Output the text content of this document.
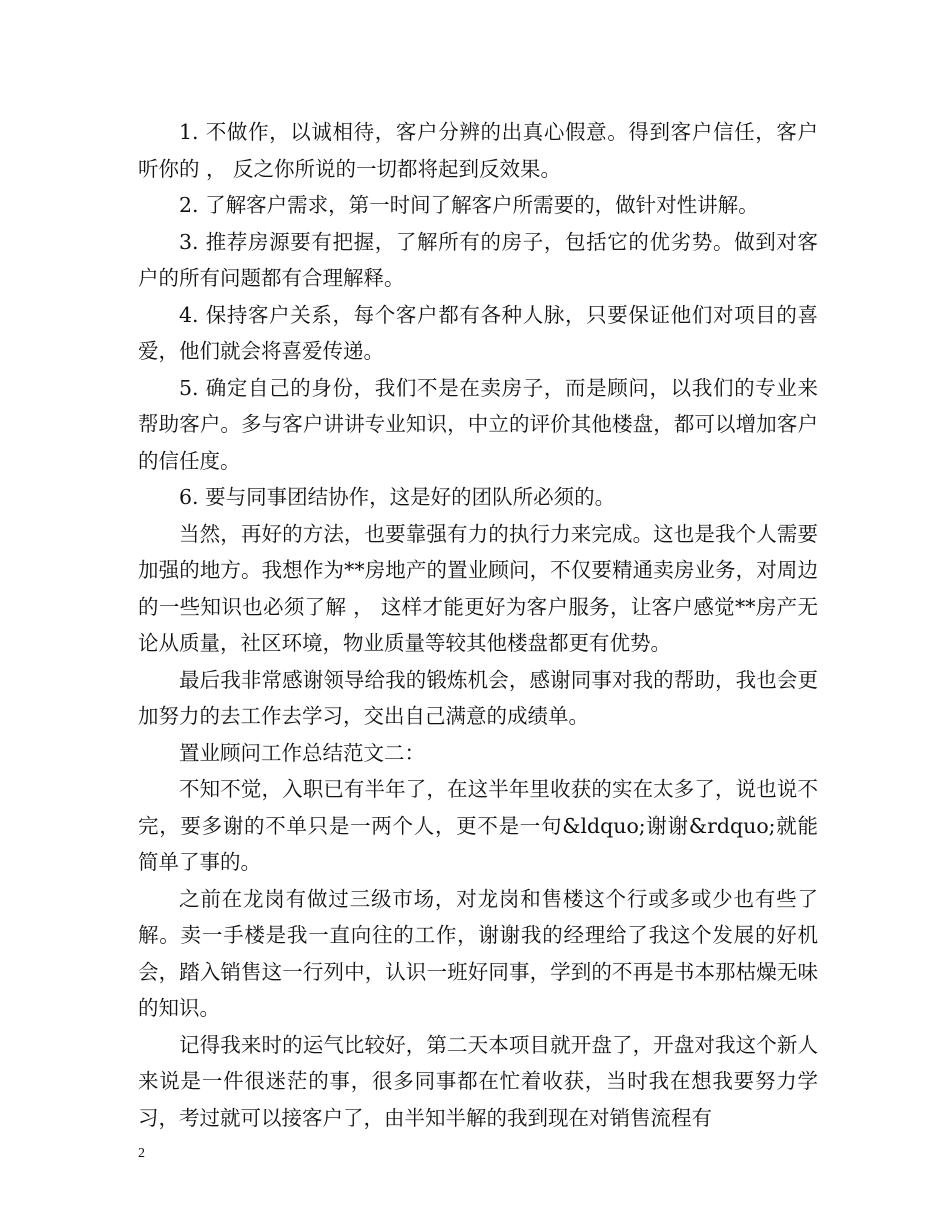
1. 不做作，以诚相待，客户分辨的出真心假意。得到客户信任，客户听你的 ， 反之你所说的一切都将起到反效果。

2. 了解客户需求，第一时间了解客户所需要的，做针对性讲解。

3. 推荐房源要有把握，了解所有的房子，包括它的优劣势。做到对客户的所有问题都有合理解释。

4. 保持客户关系，每个客户都有各种人脉，只要保证他们对项目的喜爱，他们就会将喜爱传递。

5. 确定自己的身份，我们不是在卖房子，而是顾问，以我们的专业来帮助客户。多与客户讲讲专业知识，中立的评价其他楼盘，都可以增加客户的信任度。

6. 要与同事团结协作，这是好的团队所必须的。

当然，再好的方法，也要靠强有力的执行力来完成。这也是我个人需要加强的地方。我想作为**房地产的置业顾问，不仅要精通卖房业务，对周边的一些知识也必须了解 ， 这样才能更好为客户服务，让客户感觉**房产无论从质量，社区环境，物业质量等较其他楼盘都更有优势。

最后我非常感谢领导给我的锻炼机会，感谢同事对我的帮助，我也会更加努力的去工作去学习，交出自己满意的成绩单。

置业顾问工作总结范文二：

不知不觉，入职已有半年了，在这半年里收获的实在太多了，说也说不完，要多谢的不单只是一两个人，更不是一句&ldquo;谢谢&rdquo;就能简单了事的。

之前在龙岗有做过三级市场，对龙岗和售楼这个行或多或少也有些了解。卖一手楼是我一直向往的工作，谢谢我的经理给了我这个发展的好机会，踏入销售这一行列中，认识一班好同事，学到的不再是书本那枯燥无味的知识。

记得我来时的运气比较好，第二天本项目就开盘了，开盘对我这个新人来说是一件很迷茫的事，很多同事都在忙着收获，当时我在想我要努力学习，考过就可以接客户了，由半知半解的我到现在对销售流程有

2
